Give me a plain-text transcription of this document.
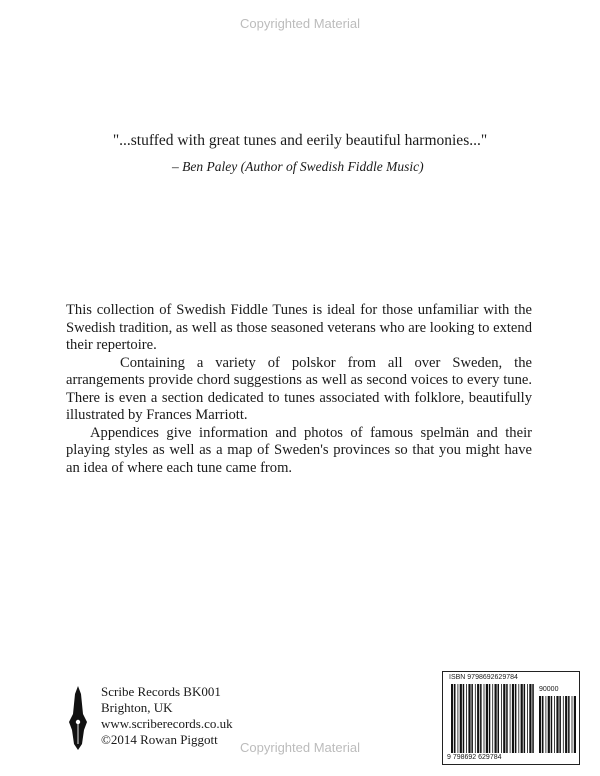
Copyrighted Material
"...stuffed with great tunes and eerily beautiful harmonies..."
– Ben Paley (Author of Swedish Fiddle Music)

This collection of Swedish Fiddle Tunes is ideal for those unfamiliar with the Swedish tradition, as well as those seasoned veterans who are looking to extend their repertoire.

Containing a variety of polskor from all over Sweden, the arrangements provide chord suggestions as well as second voices to every tune. There is even a section dedicated to tunes associated with folklore, beautifully illustrated by Frances Marriott.

Appendices give information and photos of famous spelmän and their playing styles as well as a map of Sweden's provinces so that you might have an idea of where each tune came from.

Scribe Records BK001
Brighton, UK
www.scriberecords.co.uk
©2014 Rowan Piggott
ISBN 9798692629784
90000
9 798692 629784
Copyrighted Material
